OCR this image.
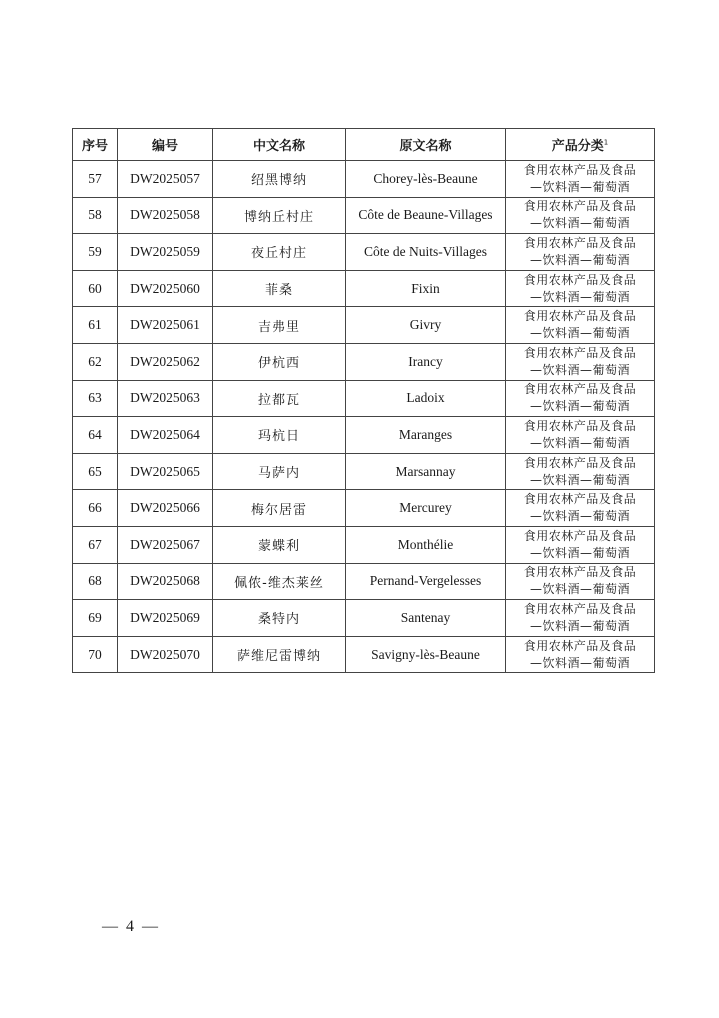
序号	编号	中文名称	原文名称	产品分类$^1$
57	DW2025057	绍黑博纳	Chorey-lès-Beaune	食用农林产品及食品
—饮料酒—葡萄酒

58	DW2025058	博纳丘村庄	Côte de Beaune-Villages	食用农林产品及食品
—饮料酒—葡萄酒

59	DW2025059	夜丘村庄	Côte de Nuits-Villages	食用农林产品及食品
—饮料酒—葡萄酒

60	DW2025060	菲桑	Fixin	食用农林产品及食品
—饮料酒—葡萄酒

61	DW2025061	吉弗里	Givry	食用农林产品及食品
—饮料酒—葡萄酒

62	DW2025062	伊杭西	Irancy	食用农林产品及食品
—饮料酒—葡萄酒

63	DW2025063	拉都瓦	Ladoix	食用农林产品及食品
—饮料酒—葡萄酒

64	DW2025064	玛杭日	Maranges	食用农林产品及食品
—饮料酒—葡萄酒

65	DW2025065	马萨内	Marsannay	食用农林产品及食品
—饮料酒—葡萄酒

66	DW2025066	梅尔居雷	Mercurey	食用农林产品及食品
—饮料酒—葡萄酒

67	DW2025067	蒙蝶利	Monthélie	食用农林产品及食品
—饮料酒—葡萄酒

68	DW2025068	佩侬-维杰莱丝	Pernand-Vergelesses	食用农林产品及食品
—饮料酒—葡萄酒

69	DW2025069	桑特内	Santenay	食用农林产品及食品
—饮料酒—葡萄酒

70	DW2025070	萨维尼雷博纳	Savigny-lès-Beaune	食用农林产品及食品
—饮料酒—葡萄酒
— 4 —
